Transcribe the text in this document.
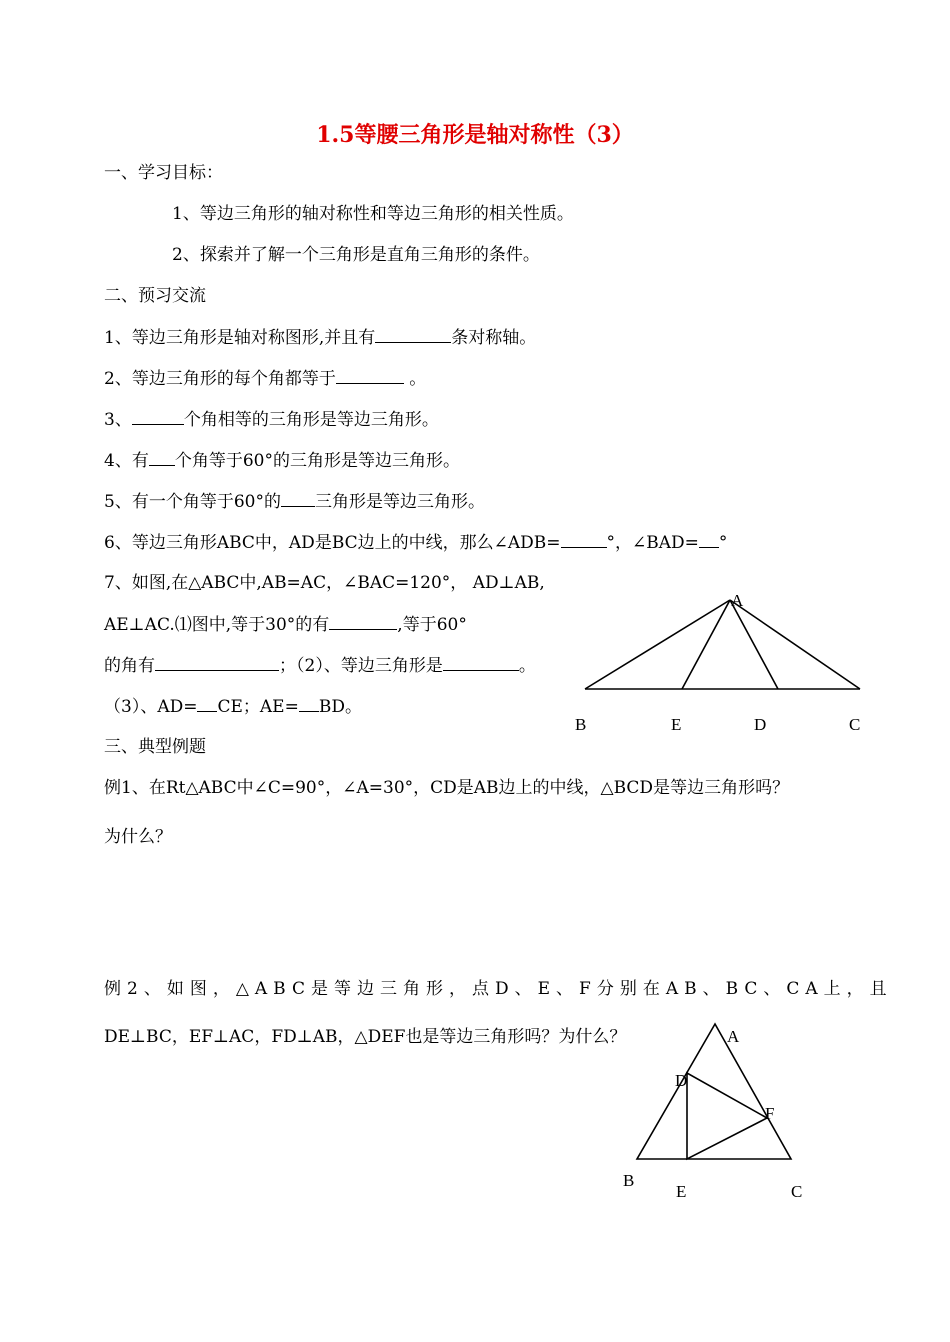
1.5等腰三角形是轴对称性（3）
一、学习目标：
1、等边三角形的轴对称性和等边三角形的相关性质。
2、探索并了解一个三角形是直角三角形的条件。
二、预习交流
1、等边三角形是轴对称图形,并且有	条对称轴。
2、等边三角形的每个角都等于	。
3、	个角相等的三角形是等边三角形。
4、有 个角等于60°的三角形是等边三角形。
5、有一个角等于60°的 三角形是等边三角形。
6、等边三角形ABC中，AD是BC边上的中线，那么∠ADB=	°，∠BAD= °
7、如图,在△ABC中,AB=AC，∠BAC=120°， AD⊥AB,
AE⊥AC.⑴图中,等于30°的有	,等于60°
的角有	；（2）、等边三角形是	。
（3）、AD= CE；AE= BD。
A
B	E	D	C
三、典型例题
例1、在Rt△ABC中∠C=90°，∠A=30°，CD是AB边上的中线，△BCD是等边三角形吗？
为什么？
例2、如图，△ABC是等边三角形，点D、E、F分别在AB、BC、CA上，且
DE⊥BC，EF⊥AC，FD⊥AB，△DEF也是等边三角形吗？为什么？	A
D
F
B
E	C
